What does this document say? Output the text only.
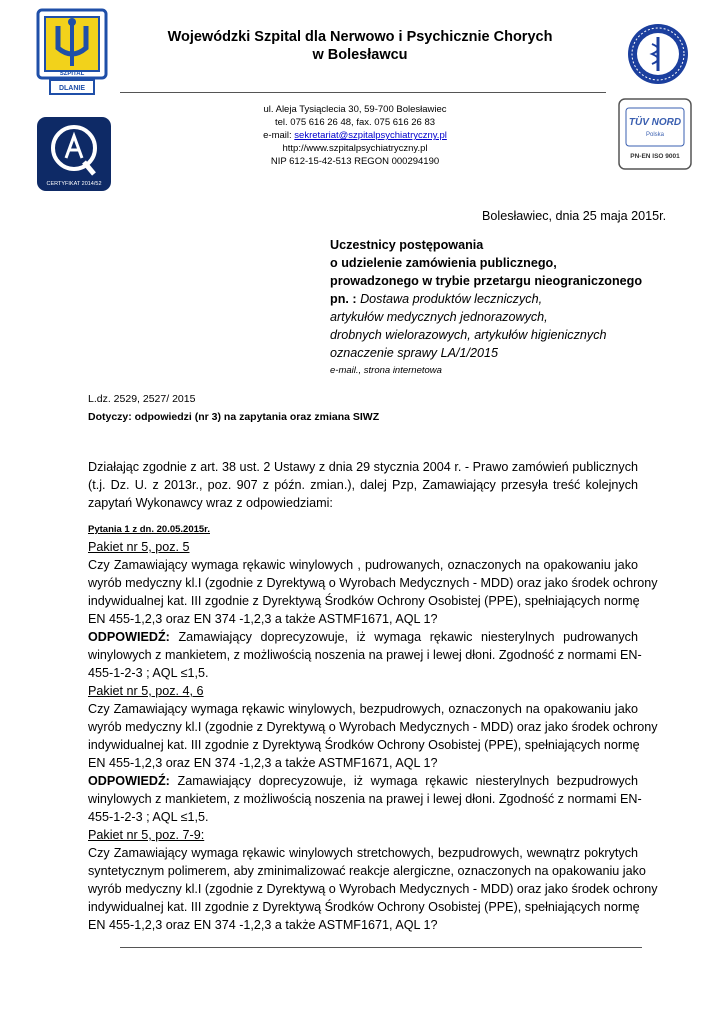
DLANIE
SZPITAL
CERTYFIKAT 2014/52
TÜV NORD
Polska
PN-EN ISO 9001
Wojewódzki Szpital dla Nerwowo i Psychicznie Chorych
w Bolesławcu
ul. Aleja Tysiąclecia 30, 59-700 Bolesławiec
tel. 075 616 26 48, fax. 075 616 26 83
e-mail: sekretariat@szpitalpsychiatryczny.pl
http://www.szpitalpsychiatryczny.pl
NIP 612-15-42-513 REGON 000294190
Bolesławiec, dnia 25 maja 2015r.
Uczestnicy postępowania
o udzielenie zamówienia publicznego,
prowadzonego w trybie przetargu nieograniczonego
pn. : Dostawa produktów leczniczych,
artykułów medycznych jednorazowych,
drobnych wielorazowych, artykułów higienicznych
oznaczenie sprawy LA/1/2015
e-mail., strona internetowa
L.dz. 2529, 2527/ 2015
Dotyczy: odpowiedzi (nr 3) na zapytania oraz zmiana SIWZ
Działając zgodnie z art. 38 ust. 2 Ustawy z dnia 29 stycznia 2004 r. - Prawo zamówień publicznych
(t.j. Dz. U. z 2013r., poz. 907 z późn. zmian.), dalej Pzp, Zamawiający przesyła treść kolejnych
zapytań Wykonawcy wraz z odpowiedziami:
Pytania 1 z dn. 20.05.2015r.
Pakiet nr 5, poz. 5
Czy Zamawiający wymaga rękawic winylowych , pudrowanych, oznaczonych na opakowaniu jako
wyrób medyczny kl.I (zgodnie z Dyrektywą o Wyrobach Medycznych - MDD) oraz jako środek ochrony
indywidualnej kat. III zgodnie z Dyrektywą Środków Ochrony Osobistej (PPE), spełniających normę
EN 455-1,2,3 oraz EN 374 -1,2,3 a także ASTMF1671, AQL 1?
ODPOWIEDŹ: Zamawiający doprecyzowuje, iż wymaga rękawic niesterylnych pudrowanych
winylowych z mankietem, z możliwością noszenia na prawej i lewej dłoni. Zgodność z normami EN-
455-1-2-3 ; AQL ≤1,5.
Pakiet nr 5, poz. 4, 6
Czy Zamawiający wymaga rękawic winylowych, bezpudrowych, oznaczonych na opakowaniu jako
wyrób medyczny kl.I (zgodnie z Dyrektywą o Wyrobach Medycznych - MDD) oraz jako środek ochrony
indywidualnej kat. III zgodnie z Dyrektywą Środków Ochrony Osobistej (PPE), spełniających normę
EN 455-1,2,3 oraz EN 374 -1,2,3 a także ASTMF1671, AQL 1?
ODPOWIEDŹ: Zamawiający doprecyzowuje, iż wymaga rękawic niesterylnych bezpudrowych
winylowych z mankietem, z możliwością noszenia na prawej i lewej dłoni. Zgodność z normami EN-
455-1-2-3 ; AQL ≤1,5.
Pakiet nr 5, poz. 7-9:
Czy Zamawiający wymaga rękawic winylowych stretchowych, bezpudrowych, wewnątrz pokrytych
syntetycznym polimerem, aby zminimalizować reakcje alergiczne, oznaczonych na opakowaniu jako
wyrób medyczny kl.I (zgodnie z Dyrektywą o Wyrobach Medycznych - MDD) oraz jako środek ochrony
indywidualnej kat. III zgodnie z Dyrektywą Środków Ochrony Osobistej (PPE), spełniających normę
EN 455-1,2,3 oraz EN 374 -1,2,3 a także ASTMF1671, AQL 1?
